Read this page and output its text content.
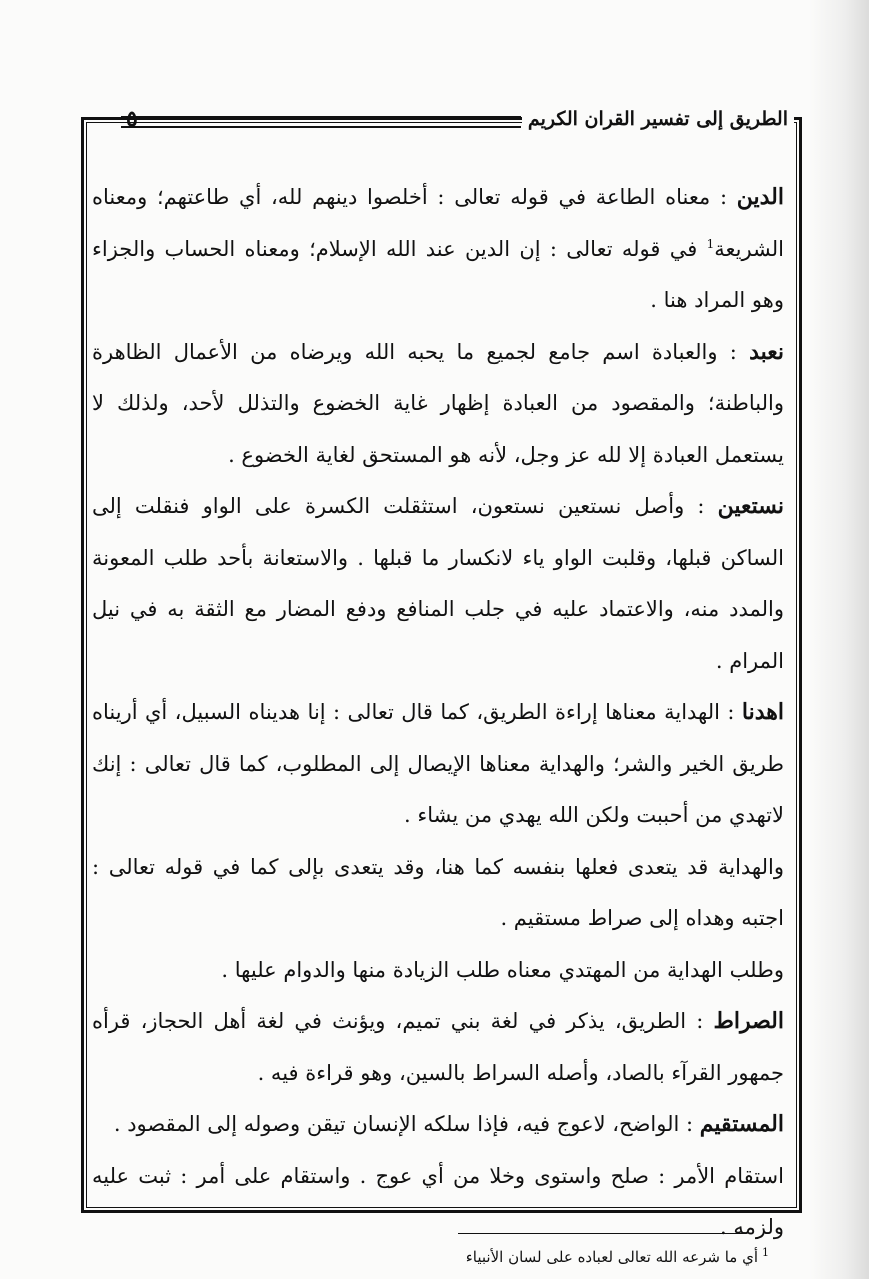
الطريق إلى تفسير القران الكريم
٥

الدين : معناه الطاعة في قوله تعالى : أخلصوا دينهم لله، أي طاعتهم؛ ومعناه الشريعة$^1$ في قوله تعالى : إن الدين عند الله الإسلام؛ ومعناه الحساب والجزاء وهو المراد هنا .

نعبد : والعبادة اسم جامع لجميع ما يحبه الله ويرضاه من الأعمال الظاهرة والباطنة؛ والمقصود من العبادة إظهار غاية الخضوع والتذلل لأحد، ولذلك لا يستعمل العبادة إلا لله عز وجل، لأنه هو المستحق لغاية الخضوع .

نستعين : وأصل نستعين نستعون، استثقلت الكسرة على الواو فنقلت إلى الساكن قبلها، وقلبت الواو ياء لانكسار ما قبلها . والاستعانة بأحد طلب المعونة والمدد منه، والاعتماد عليه في جلب المنافع ودفع المضار مع الثقة به في نيل المرام .

اهدنا : الهداية معناها إراءة الطريق، كما قال تعالى : إنا هدیناه السبيل، أي أريناه طريق الخير والشر؛ والهداية معناها الإيصال إلى المطلوب، كما قال تعالى : إنك لاتهدي من أحببت ولكن الله يهدي من يشاء .

والهداية قد يتعدى فعلها بنفسه كما هنا، وقد يتعدى بإلى كما في قوله تعالى : اجتبه وهداه إلى صراط مستقيم .

وطلب الهداية من المهتدي معناه طلب الزيادة منها والدوام عليها .

الصراط : الطريق، يذكر في لغة بني تميم، ويؤنث في لغة أهل الحجاز، قرأه جمهور القرآء بالصاد، وأصله السراط بالسين، وهو قراءة فيه .

المستقيم : الواضح، لاعوج فيه، فإذا سلكه الإنسان تيقن وصوله إلى المقصود .

استقام الأمر : صلح واستوى وخلا من أي عوج . واستقام على أمر : ثبت عليه ولزمه .

$^1$أي ما شرعه الله تعالى لعباده على لسان الأنبياء
